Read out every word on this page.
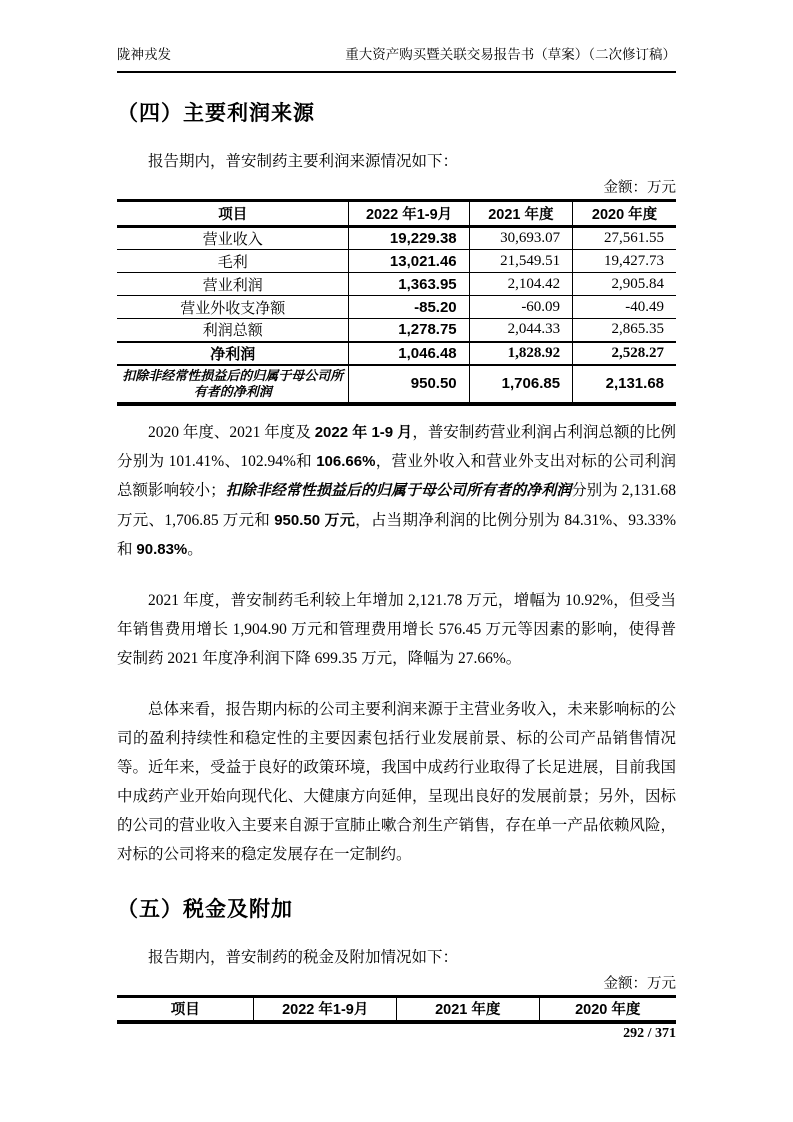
陇神戎发	重大资产购买暨关联交易报告书（草案）（二次修订稿）
（四）主要利润来源

报告期内，普安制药主要利润来源情况如下：

金额：万元
项目	2022 年1-9月	2021 年度	2020 年度
营业收入	19,229.38	30,693.07	27,561.55
毛利	13,021.46	21,549.51	19,427.73
营业利润	1,363.95	2,104.42	2,905.84
营业外收支净额	-85.20	-60.09	-40.49
利润总额	1,278.75	2,044.33	2,865.35
净利润	1,046.48	1,828.92	2,528.27
扣除非经常性损益后的归属于母公司所有者的净利润	950.50	1,706.85	2,131.68

2020 年度、2021 年度及 2022 年 1-9 月，普安制药营业利润占利润总额的比例分别为 101.41%、102.94%和 106.66%，营业外收入和营业外支出对标的公司利润总额影响较小；扣除非经常性损益后的归属于母公司所有者的净利润分别为 2,131.68 万元、1,706.85 万元和 950.50 万元，占当期净利润的比例分别为 84.31%、93.33%和 90.83%。

2021 年度，普安制药毛利较上年增加 2,121.78 万元，增幅为 10.92%，但受当年销售费用增长 1,904.90 万元和管理费用增长 576.45 万元等因素的影响，使得普安制药 2021 年度净利润下降 699.35 万元，降幅为 27.66%。

总体来看，报告期内标的公司主要利润来源于主营业务收入，未来影响标的公司的盈利持续性和稳定性的主要因素包括行业发展前景、标的公司产品销售情况等。近年来，受益于良好的政策环境，我国中成药行业取得了长足进展，目前我国中成药产业开始向现代化、大健康方向延伸，呈现出良好的发展前景；另外，因标的公司的营业收入主要来自源于宣肺止嗽合剂生产销售，存在单一产品依赖风险，对标的公司将来的稳定发展存在一定制约。

（五）税金及附加

报告期内，普安制药的税金及附加情况如下：

金额：万元
项目	2022 年1-9月	2021 年度	2020 年度
292 / 371
